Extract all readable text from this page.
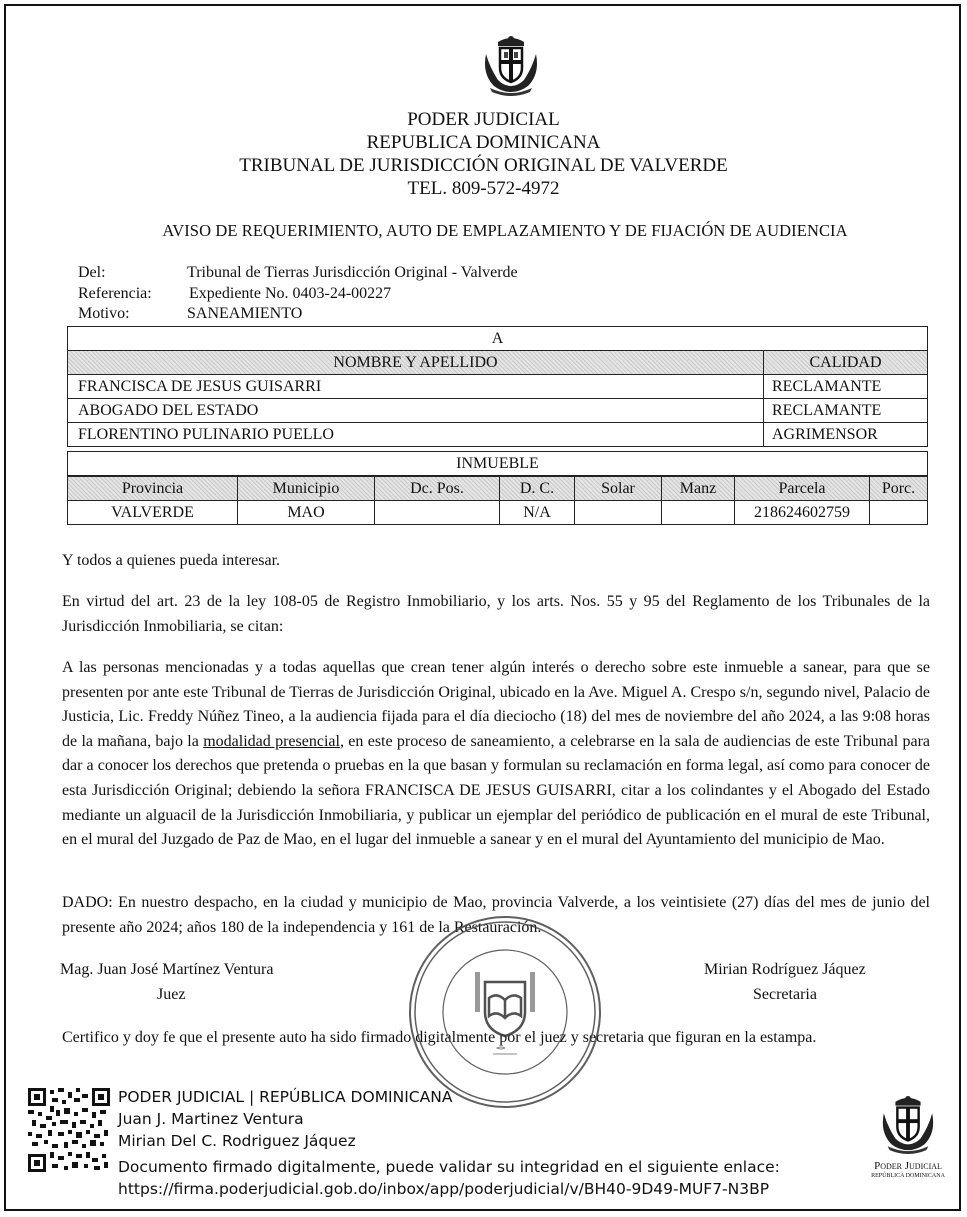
PODER JUDICIAL
REPUBLICA DOMINICANA
TRIBUNAL DE JURISDICCIÓN ORIGINAL DE VALVERDE
TEL. 809-572-4972
AVISO DE REQUERIMIENTO, AUTO DE EMPLAZAMIENTO Y DE FIJACIÓN DE AUDIENCIA
Del:	Tribunal de Tierras Jurisdicción Original - Valverde
Referencia: Expediente No. 0403-24-00227
Motivo:	SANEAMIENTO
A	
NOMBRE Y APELLIDO	CALIDAD
FRANCISCA DE JESUS GUISARRI	RECLAMANTE
ABOGADO DEL ESTADO	RECLAMANTE
FLORENTINO PULINARIO PUELLO	AGRIMENSOR
INMUEBLE
Provincia	Municipio	Dc. Pos.	D. C.	Solar	Manz	Parcela	Porc.
VALVERDE	MAO		N/A			218624602759	
Y todos a quienes pueda interesar.
En virtud del art. 23 de la ley 108-05 de Registro Inmobiliario, y los arts. Nos. 55 y 95 del Reglamento de los Tribunales de la Jurisdicción Inmobiliaria, se citan:
A las personas mencionadas y a todas aquellas que crean tener algún interés o derecho sobre este inmueble a sanear, para que se presenten por ante este Tribunal de Tierras de Jurisdicción Original, ubicado en la Ave. Miguel A. Crespo s/n, segundo nivel, Palacio de Justicia, Lic. Freddy Núñez Tineo, a la audiencia fijada para el día dieciocho (18) del mes de noviembre del año 2024, a las 9:08 horas de la mañana, bajo la modalidad presencial, en este proceso de saneamiento, a celebrarse en la sala de audiencias de este Tribunal para dar a conocer los derechos que pretenda o pruebas en la que basan y formulan su reclamación en forma legal, así como para conocer de esta Jurisdicción Original; debiendo la señora FRANCISCA DE JESUS GUISARRI, citar a los colindantes y el Abogado del Estado mediante un alguacil de la Jurisdicción Inmobiliaria, y publicar un ejemplar del periódico de publicación en el mural de este Tribunal, en el mural del Juzgado de Paz de Mao, en el lugar del inmueble a sanear y en el mural del Ayuntamiento del municipio de Mao.
DADO: En nuestro despacho, en la ciudad y municipio de Mao, provincia Valverde, a los veintisiete (27) días del mes de junio del presente año 2024; años 180 de la independencia y 161 de la Restauración.
Mag. Juan José Martínez Ventura
Juez
Mirian Rodríguez Jáquez
Secretaria
Certifico y doy fe que el presente auto ha sido firmado digitalmente por el juez y secretaria que figuran en la estampa.
PODER JUDICIAL | REPÚBLICA DOMINICANA
Juan J. Martinez Ventura
Mirian Del C. Rodriguez Jáquez
Documento firmado digitalmente, puede validar su integridad en el siguiente enlace:
https://firma.poderjudicial.gob.do/inbox/app/poderjudicial/v/BH40-9D49-MUF7-N3BP
Poder Judicial
REPÚBLICA DOMINICANA
